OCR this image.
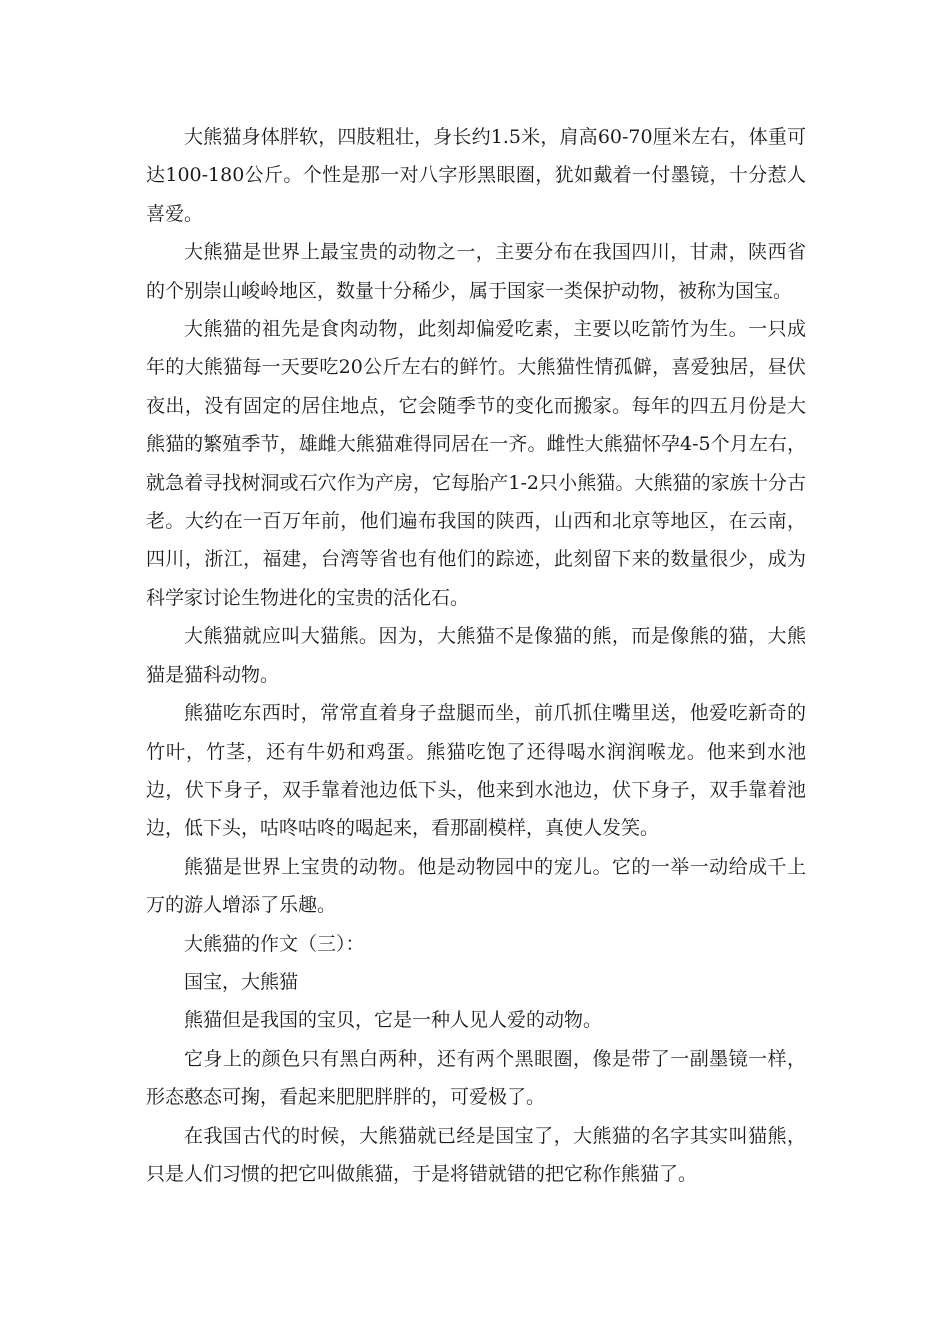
大熊猫身体胖软，四肢粗壮，身长约1.5米，肩高60-70厘米左右，体重可达100-180公斤。个性是那一对八字形黑眼圈，犹如戴着一付墨镜，十分惹人喜爱。

大熊猫是世界上最宝贵的动物之一，主要分布在我国四川，甘肃，陕西省的个别崇山峻岭地区，数量十分稀少，属于国家一类保护动物，被称为国宝。

大熊猫的祖先是食肉动物，此刻却偏爱吃素，主要以吃箭竹为生。一只成年的大熊猫每一天要吃20公斤左右的鲜竹。大熊猫性情孤僻，喜爱独居，昼伏夜出，没有固定的居住地点，它会随季节的变化而搬家。每年的四五月份是大熊猫的繁殖季节，雄雌大熊猫难得同居在一齐。雌性大熊猫怀孕4-5个月左右，就急着寻找树洞或石穴作为产房，它每胎产1-2只小熊猫。大熊猫的家族十分古老。大约在一百万年前，他们遍布我国的陕西，山西和北京等地区，在云南，四川，浙江，福建，台湾等省也有他们的踪迹，此刻留下来的数量很少，成为科学家讨论生物进化的宝贵的活化石。

大熊猫就应叫大猫熊。因为，大熊猫不是像猫的熊，而是像熊的猫，大熊猫是猫科动物。

熊猫吃东西时，常常直着身子盘腿而坐，前爪抓住嘴里送，他爱吃新奇的竹叶，竹茎，还有牛奶和鸡蛋。熊猫吃饱了还得喝水润润喉龙。他来到水池边，伏下身子，双手靠着池边低下头，他来到水池边，伏下身子，双手靠着池边，低下头，咕咚咕咚的喝起来，看那副模样，真使人发笑。

熊猫是世界上宝贵的动物。他是动物园中的宠儿。它的一举一动给成千上万的游人增添了乐趣。

大熊猫的作文（三）：

国宝，大熊猫

熊猫但是我国的宝贝，它是一种人见人爱的动物。

它身上的颜色只有黑白两种，还有两个黑眼圈，像是带了一副墨镜一样，形态憨态可掬，看起来肥肥胖胖的，可爱极了。

在我国古代的时候，大熊猫就已经是国宝了，大熊猫的名字其实叫猫熊，只是人们习惯的把它叫做熊猫，于是将错就错的把它称作熊猫了。
